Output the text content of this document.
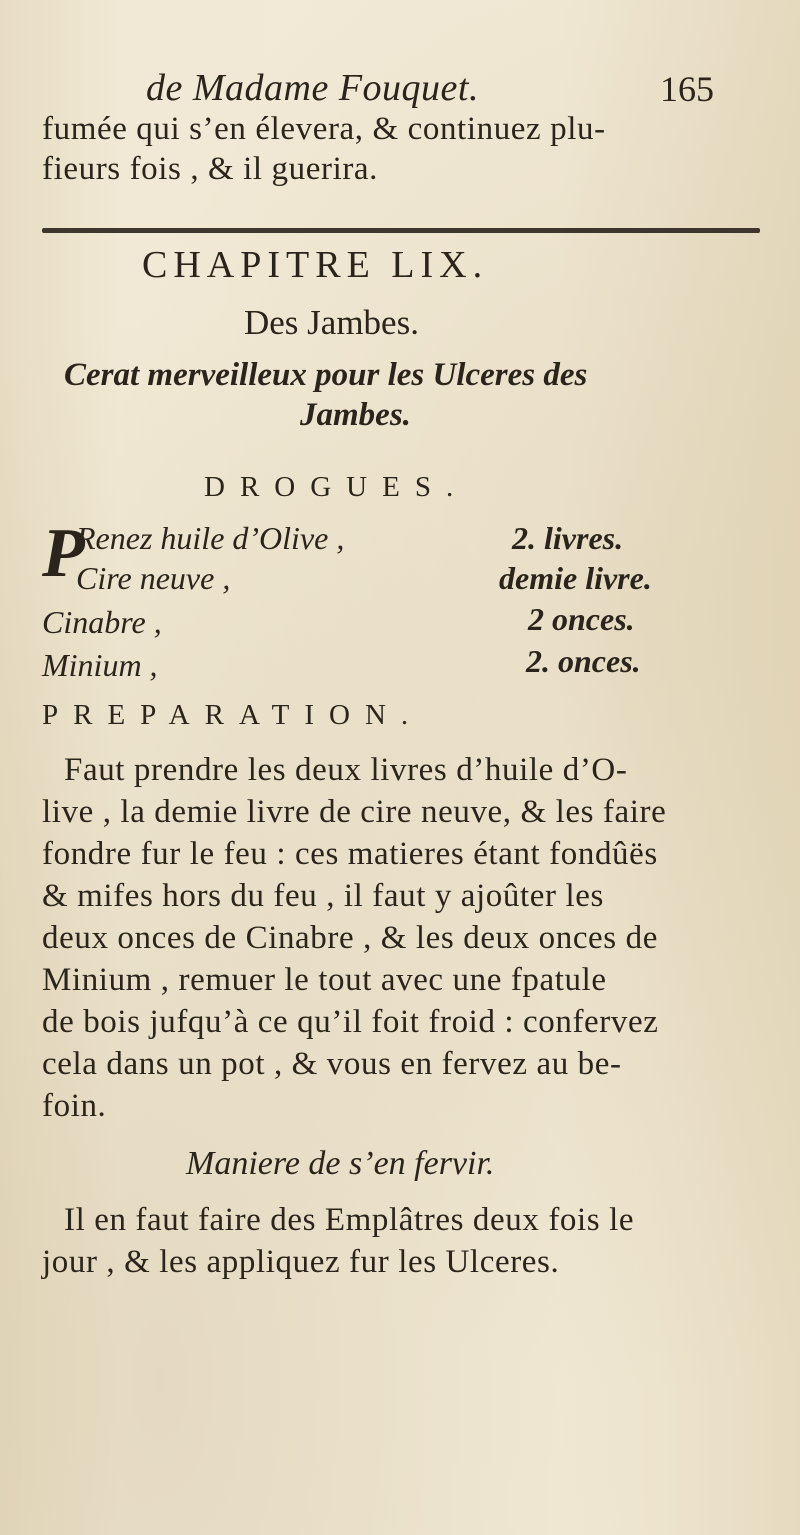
de Madame Fouquet.	165
fumée qui s’en élevera, & continuez plu-
fieurs fois , & il guerira.
CHAPITRE LIX.
Des Jambes.
Cerat merveilleux pour les Ulceres des
Jambes.
DROGUES.
P
Renez huile d’Olive ,	2. livres.
Cire neuve ,	demie livre.
Cinabre ,	2 onces.
Minium ,	2. onces.
PREPARATION.
Faut prendre les deux livres d’huile d’O-
live , la demie livre de cire neuve, & les faire
fondre fur le feu : ces matieres étant fondûës
& mifes hors du feu , il faut y ajoûter les
deux onces de Cinabre , & les deux onces de
Minium , remuer le tout avec une fpatule
de bois jufqu’à ce qu’il foit froid : confervez
cela dans un pot , & vous en fervez au be-
foin.
Maniere de s’en fervir.
Il en faut faire des Emplâtres deux fois le
jour , & les appliquez fur les Ulceres.
